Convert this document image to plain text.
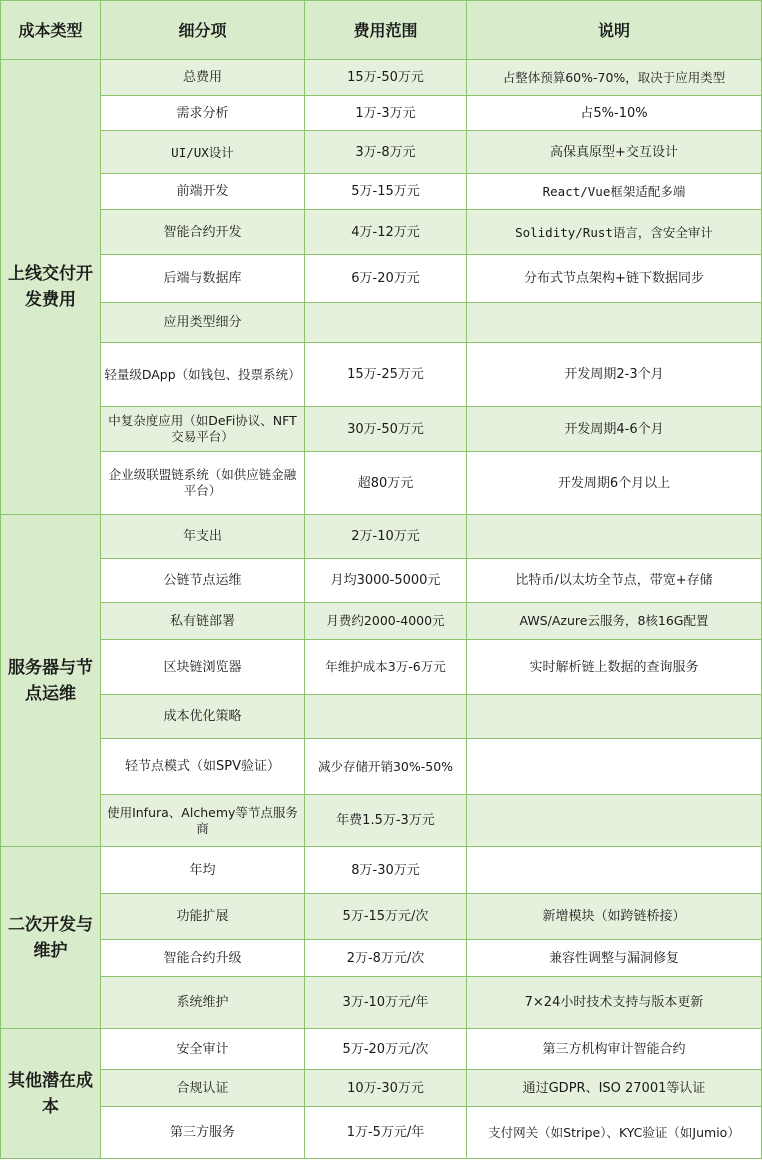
成本类型	细分项	费用范围	说明
上线交付开发费用	总费用	15万-50万元	占整体预算60%-70%，取决于应用类型
	需求分析	1万-3万元	占5%-10%
	UI/UX设计	3万-8万元	高保真原型+交互设计
	前端开发	5万-15万元	React/Vue框架适配多端
	智能合约开发	4万-12万元	Solidity/Rust语言，含安全审计
	后端与数据库	6万-20万元	分布式节点架构+链下数据同步
	应用类型细分		
	轻量级DApp（如钱包、投票系统）	15万-25万元	开发周期2-3个月
	中复杂度应用（如DeFi协议、NFT交易平台）	30万-50万元	开发周期4-6个月
	企业级联盟链系统（如供应链金融平台）	超80万元	开发周期6个月以上
服务器与节点运维	年支出	2万-10万元	
	公链节点运维	月均3000-5000元	比特币/以太坊全节点，带宽+存储
	私有链部署	月费约2000-4000元	AWS/Azure云服务，8核16G配置
	区块链浏览器	年维护成本3万-6万元	实时解析链上数据的查询服务
	成本优化策略		
	轻节点模式（如SPV验证）	减少存储开销30%-50%	
	使用Infura、Alchemy等节点服务商	年费1.5万-3万元	
二次开发与维护	年均	8万-30万元	
	功能扩展	5万-15万元/次	新增模块（如跨链桥接）
	智能合约升级	2万-8万元/次	兼容性调整与漏洞修复
	系统维护	3万-10万元/年	7×24小时技术支持与版本更新
其他潜在成本	安全审计	5万-20万元/次	第三方机构审计智能合约
	合规认证	10万-30万元	通过GDPR、ISO 27001等认证
	第三方服务	1万-5万元/年	支付网关（如Stripe）、KYC验证（如Jumio）
